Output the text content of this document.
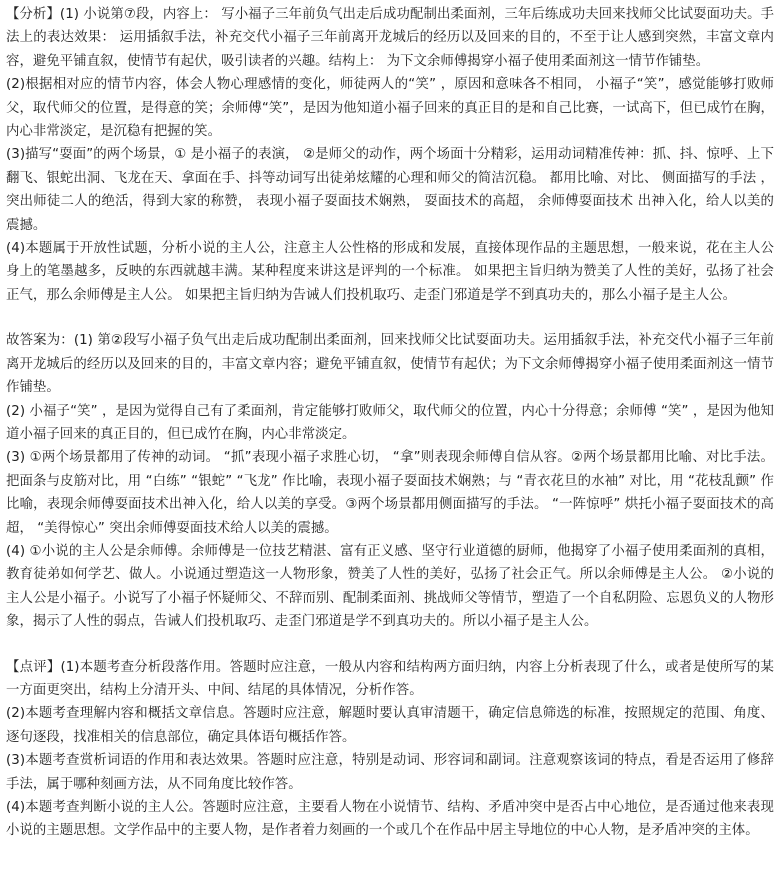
【分析】(1) 小说第⑦段，内容上： 写小福子三年前负气出走后成功配制出柔面剂，三年后练成功夫回来找师父比试耍面功夫。手法上的表达效果： 运用插叙手法，补充交代小福子三年前离开龙城后的经历以及回来的目的，不至于让人感到突然，丰富文章内容，避免平铺直叙，使情节有起伏，吸引读者的兴趣。结构上： 为下文余师傅揭穿小福子使用柔面剂这一情节作铺垫。

(2)根据相对应的情节内容，体会人物心理感情的变化，师徒两人的“笑” ，原因和意味各不相同， 小福子“笑”，感觉能够打败师父，取代师父的位置，是得意的笑；余师傅“笑”，是因为他知道小福子回来的真正目的是和自己比赛，一试高下，但已成竹在胸，内心非常淡定，是沉稳有把握的笑。

(3)描写“耍面”的两个场景，① 是小福子的表演， ②是师父的动作，两个场面十分精彩，运用动词精准传神：抓、抖、惊呼、上下翻飞、银蛇出洞、飞龙在天、拿面在手、抖等动词写出徒弟炫耀的心理和师父的简洁沉稳。 都用比喻、对比、 侧面描写的手法 ，突出师徒二人的绝活，得到大家的称赞， 表现小福子耍面技术娴熟， 耍面技术的高超， 余师傅耍面技术 出神入化，给人以美的震撼。

(4)本题属于开放性试题，分析小说的主人公，注意主人公性格的形成和发展，直接体现作品的主题思想，一般来说，花在主人公身上的笔墨越多，反映的东西就越丰满。某种程度来讲这是评判的一个标准。 如果把主旨归纳为赞美了人性的美好，弘扬了社会正气，那么余师傅是主人公。 如果把主旨归纳为告诫人们投机取巧、走歪门邪道是学不到真功夫的，那么小福子是主人公。

故答案为：(1) 第②段写小福子负气出走后成功配制出柔面剂，回来找师父比试耍面功夫。运用插叙手法，补充交代小福子三年前离开龙城后的经历以及回来的目的，丰富文章内容；避免平铺直叙，使情节有起伏；为下文余师傅揭穿小福子使用柔面剂这一情节作铺垫。

(2) 小福子“笑” ，是因为觉得自己有了柔面剂，肯定能够打败师父，取代师父的位置，内心十分得意；余师傅 “笑” ，是因为他知道小福子回来的真正目的，但已成竹在胸，内心非常淡定。

(3) ①两个场景都用了传神的动词。 “抓”表现小福子求胜心切， “拿”则表现余师傅自信从容。②两个场景都用比喻、对比手法。把面条与皮筋对比，用 “白练” “银蛇” “飞龙” 作比喻，表现小福子耍面技术娴熟；与 “青衣花旦的水袖” 对比，用 “花枝乱颤” 作比喻，表现余师傅耍面技术出神入化，给人以美的享受。③两个场景都用侧面描写的手法。 “一阵惊呼” 烘托小福子耍面技术的高超， “美得惊心” 突出余师傅耍面技术给人以美的震撼。

(4) ①小说的主人公是余师傅。余师傅是一位技艺精湛、富有正义感、坚守行业道德的厨师，他揭穿了小福子使用柔面剂的真相，教育徒弟如何学艺、做人。小说通过塑造这一人物形象，赞美了人性的美好，弘扬了社会正气。所以余师傅是主人公。 ②小说的主人公是小福子。小说写了小福子怀疑师父、不辞而别、配制柔面剂、挑战师父等情节，塑造了一个自私阴险、忘恩负义的人物形象，揭示了人性的弱点，告诫人们投机取巧、走歪门邪道是学不到真功夫的。所以小福子是主人公。

【点评】(1)本题考查分析段落作用。答题时应注意，一般从内容和结构两方面归纳，内容上分析表现了什么，或者是使所写的某一方面更突出，结构上分清开头、中间、结尾的具体情况，分析作答。

(2)本题考查理解内容和概括文章信息。答题时应注意，解题时要认真审清题干，确定信息筛选的标准，按照规定的范围、角度、逐句逐段，找准相关的信息部位，确定具体语句概括作答。

(3)本题考查赏析词语的作用和表达效果。答题时应注意，特别是动词、形容词和副词。注意观察该词的特点，看是否运用了修辞手法，属于哪种刻画方法，从不同角度比较作答。

(4)本题考查判断小说的主人公。答题时应注意，主要看人物在小说情节、结构、矛盾冲突中是否占中心地位，是否通过他来表现小说的主题思想。文学作品中的主要人物，是作者着力刻画的一个或几个在作品中居主导地位的中心人物，是矛盾冲突的主体。
